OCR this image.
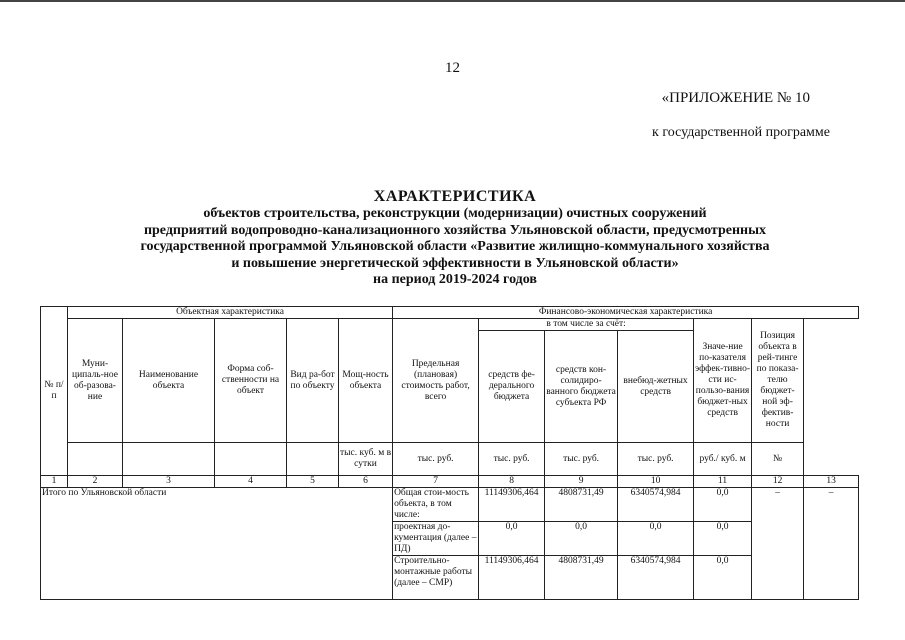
12
«ПРИЛОЖЕНИЕ № 10
к государственной программе
ХАРАКТЕРИСТИКА
объектов строительства, реконструкции (модернизации) очистных сооружений
предприятий водопроводно-канализационного хозяйства Ульяновской области, предусмотренных
государственной программой Ульяновской области «Развитие жилищно-коммунального хозяйства
и повышение энергетической эффективности в Ульяновской области»
на период 2019-2024 годов
№ п/п	Объектная характеристика					Финансово-экономическая характеристика						
	Муни-ципаль-ное об-разова-ние	Наименование объекта	Форма соб-ственности на объект	Вид ра-бот по объекту	Мощ-ность объекта	Предельная (плановая) стоимость работ, всего	в том числе за счёт:			Значе-ние по-казателя эффек-тивно-сти ис-пользо-вания бюджет-ных средств	Позиция объекта в рей-тинге по показа-телю бюджет-ной эф-фектив-ности	
							средств фе-дерального бюджета	средств кон-солидиро-ванного бюджета субъекта РФ	внебюд-жетных средств			
					тыс. куб. м в сутки	тыс. руб.	тыс. руб.	тыс. руб.	тыс. руб.	руб./ куб. м	№	
1	2	3	4	5	6	7	8	9	10	11	12	13
Итого по Ульяновской области						Общая стои-мость объекта, в том числе:	11149306,464	4808731,49	6340574,984	0,0	–	–
						проектная до-кументация (далее – ПД)	0,0	0,0	0,0	0,0		
						Строительно-монтажные работы (далее – СМР)	11149306,464	4808731,49	6340574,984	0,0		
